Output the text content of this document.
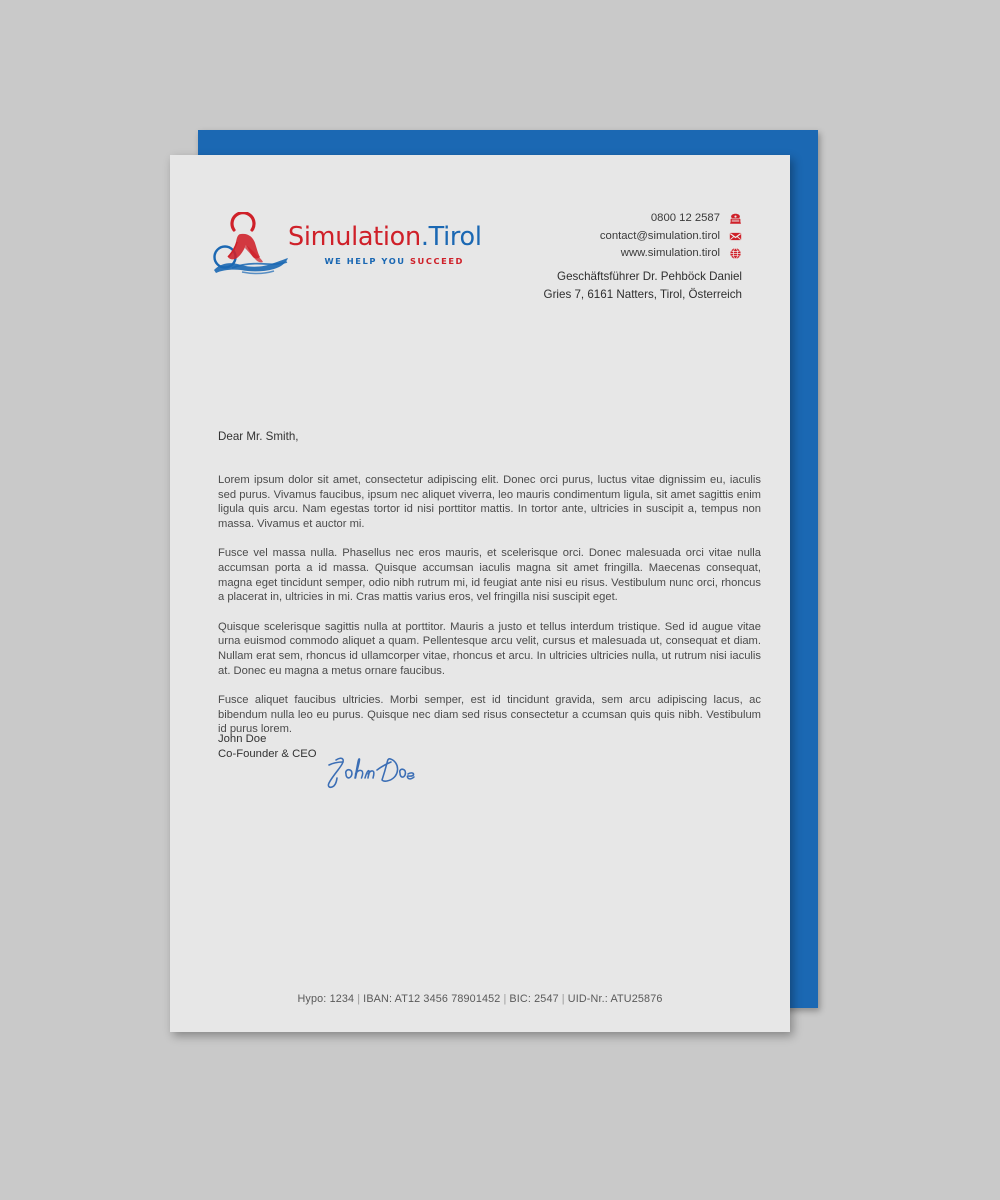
Simulation.Tirol
WE HELP YOU SUCCEED
0800 12 2587
contact@simulation.tirol
www.simulation.tirol
Geschäftsführer Dr. Pehböck Daniel
Gries 7, 6161 Natters, Tirol, Österreich

Dear Mr. Smith,

Lorem ipsum dolor sit amet, consectetur adipiscing elit. Donec orci purus, luctus vitae dignissim eu, iaculis sed purus. Vivamus faucibus, ipsum nec aliquet viverra, leo mauris condimentum ligula, sit amet sagittis enim ligula quis arcu. Nam egestas tortor id nisi porttitor mattis. In tortor ante, ultricies in suscipit a, tempus non massa. Vivamus et auctor mi.

Fusce vel massa nulla. Phasellus nec eros mauris, et scelerisque orci. Donec malesuada orci vitae nulla accumsan porta a id massa. Quisque accumsan iaculis magna sit amet fringilla. Maecenas consequat, magna eget tincidunt semper, odio nibh rutrum mi, id feugiat ante nisi eu risus. Vestibulum nunc orci, rhoncus a placerat in, ultricies in mi. Cras mattis varius eros, vel fringilla nisi suscipit eget.

Quisque scelerisque sagittis nulla at porttitor. Mauris a justo et tellus interdum tristique. Sed id augue vitae urna euismod commodo aliquet a quam. Pellentesque arcu velit, cursus et malesuada ut, consequat et diam. Nullam erat sem, rhoncus id ullamcorper vitae, rhoncus et arcu. In ultricies ultricies nulla, ut rutrum nisi iaculis at. Donec eu magna a metus ornare faucibus.

Fusce aliquet faucibus ultricies. Morbi semper, est id tincidunt gravida, sem arcu adipiscing lacus, ac bibendum nulla leo eu purus. Quisque nec diam sed risus consectetur a ccumsan quis quis nibh. Vestibulum id purus lorem.

John Doe
Co-Founder & CEO
Hypo: 1234 | IBAN: AT12 3456 78901452 | BIC: 2547 | UID-Nr.: ATU25876
